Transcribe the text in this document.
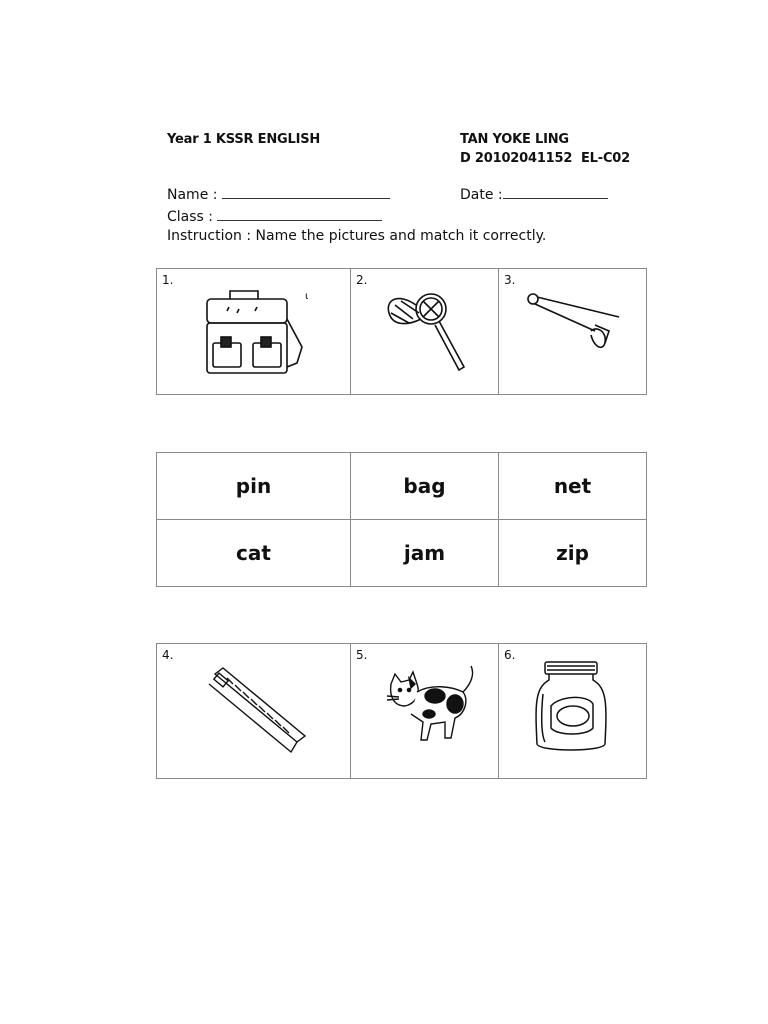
Year 1 KSSR ENGLISH	TAN YOKE LING
D 20102041152 EL-C02
Name :	Date :
Class :
Instruction : Name the pictures and match it correctly.
1.
ɩ

2.	3.
pin	bag	net
cat	jam	zip
4.	5.	6.
